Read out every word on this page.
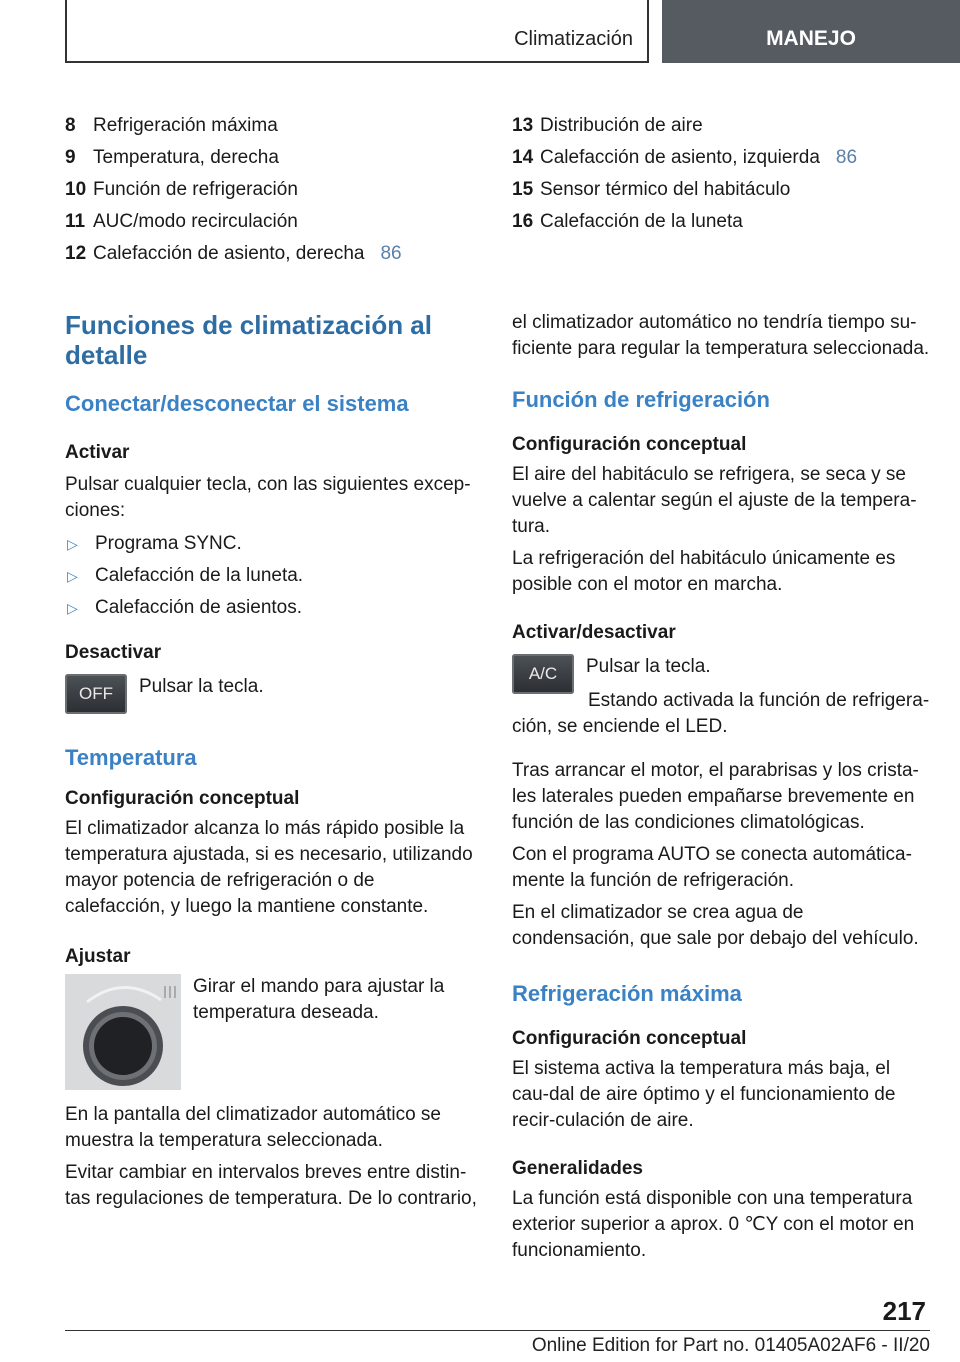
Climatización	MANEJO
8 Refrigeración máxima
9 Temperatura, derecha
10 Función de refrigeración
11 AUC/modo recirculación
12 Calefacción de asiento, derecha 86
13 Distribución de aire
14 Calefacción de asiento, izquierda 86
15 Sensor térmico del habitáculo
16 Calefacción de la luneta
Funciones de climatización al detalle
Conectar/desconectar el sistema
Activar

Pulsar cualquier tecla, con las siguientes excep-ciones:

▷ Programa SYNC.
▷ Calefacción de la luneta.
▷ Calefacción de asientos.
Desactivar
OFF	Pulsar la tecla.

Temperatura
Configuración conceptual

El climatizador alcanza lo más rápido posible la temperatura ajustada, si es necesario, utilizando mayor potencia de refrigeración o de calefacción, y luego la mantiene constante.

Ajustar

Girar el mando para ajustar la temperatura deseada.

En la pantalla del climatizador automático se muestra la temperatura seleccionada.

Evitar cambiar en intervalos breves entre distin-tas regulaciones de temperatura. De lo contrario,

el climatizador automático no tendría tiempo su-ficiente para regular la temperatura seleccionada.

Función de refrigeración
Configuración conceptual

El aire del habitáculo se refrigera, se seca y se vuelve a calentar según el ajuste de la tempera-tura.

La refrigeración del habitáculo únicamente es posible con el motor en marcha.

Activar/desactivar
A/C	Pulsar la tecla.

Estando activada la función de refrigera-ción, se enciende el LED.

Tras arrancar el motor, el parabrisas y los crista-les laterales pueden empañarse brevemente en función de las condiciones climatológicas.

Con el programa AUTO se conecta automática-mente la función de refrigeración.

En el climatizador se crea agua de condensación, que sale por debajo del vehículo.

Refrigeración máxima
Configuración conceptual

El sistema activa la temperatura más baja, el cau-dal de aire óptimo y el funcionamiento de recir-culación de aire.

Generalidades

La función está disponible con una temperatura exterior superior a aprox. 0 ℃Y con el motor en funcionamiento.

217
Online Edition for Part no. 01405A02AF6 - II/20
